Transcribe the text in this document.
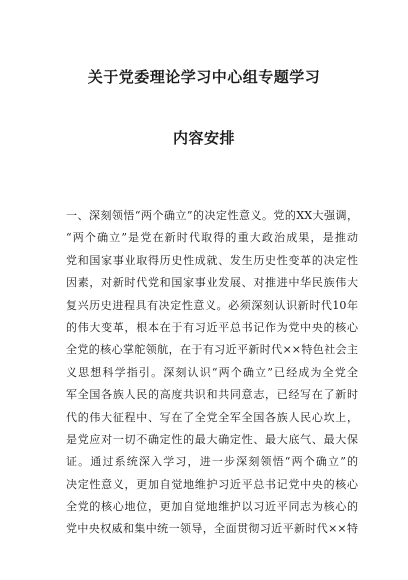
关于党委理论学习中心组专题学习
内容安排
一、深刻领悟“两个确立”的决定性意义。党的XX大强调，
“两个确立”是党在新时代取得的重大政治成果，是推动
党和国家事业取得历史性成就、发生历史性变革的决定性
因素，对新时代党和国家事业发展、对推进中华民族伟大
复兴历史进程具有决定性意义。必须深刻认识新时代10年
的伟大变革，根本在于有习近平总书记作为党中央的核心
全党的核心掌舵领航，在于有习近平新时代××特色社会主
义思想科学指引。深刻认识“两个确立”已经成为全党全
军全国各族人民的高度共识和共同意志，已经写在了新时
代的伟大征程中、写在了全党全军全国各族人民心坎上，
是党应对一切不确定性的最大确定性、最大底气、最大保
证。通过系统深入学习，进一步深刻领悟“两个确立”的
决定性意义，更加自觉地维护习近平总书记党中央的核心
全党的核心地位，更加自觉地维护以习近平同志为核心的
党中央权威和集中统一领导，全面贯彻习近平新时代××特
